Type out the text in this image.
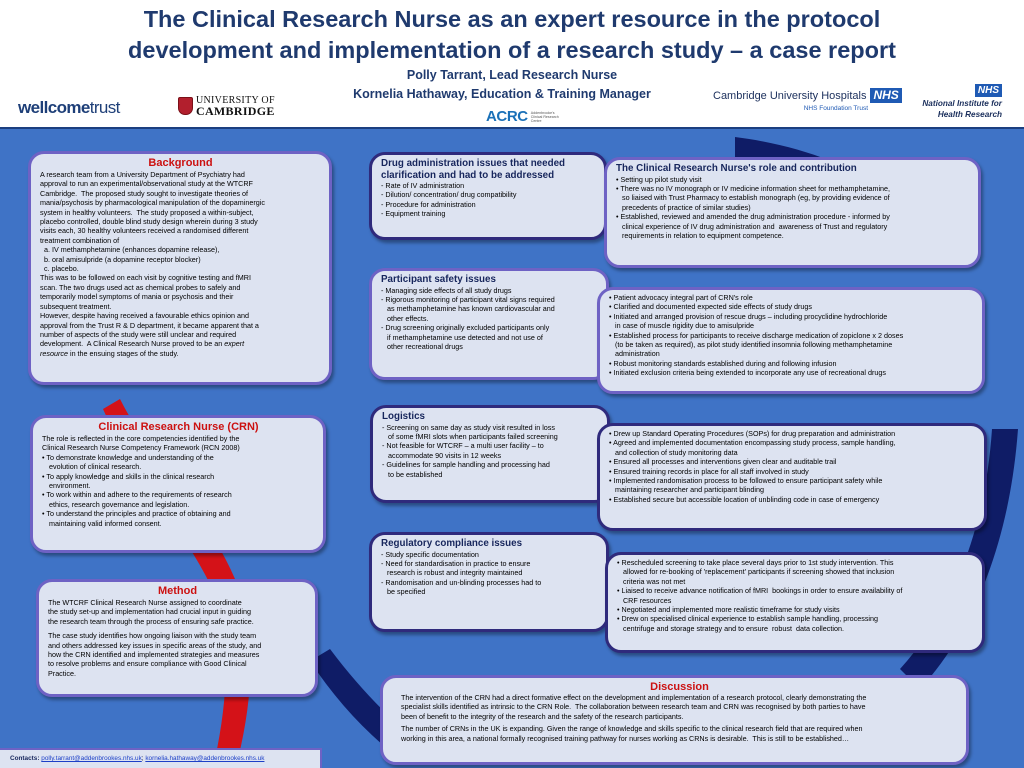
The Clinical Research Nurse as an expert resource in the protocol
development and implementation of a research study – a case report
Polly Tarrant, Lead Research Nurse
Kornelia Hathaway, Education & Training Manager
wellcometrust	UNIVERSITY OF
CAMBRIDGE	ACRC Addenbrooke's Clinical Research Centre
Cambridge University Hospitals NHS
NHS Foundation Trust
NHS
National Institute for
Health Research
Background
A research team from a University Department of Psychiatry had
approval to run an experimental/observational study at the WTCRF
Cambridge.  The proposed study sought to investigate theories of
mania/psychosis by pharmacological manipulation of the dopaminergic
system in healthy volunteers.  The study proposed a within-subject,
placebo controlled, double blind study design wherein during 3 study
visits each, 30 healthy volunteers received a randomised different
treatment combination of
a. IV methamphetamine (enhances dopamine release),
b. oral amisulpride (a dopamine receptor blocker)
c. placebo.
This was to be followed on each visit by cognitive testing and fMRI
scan. The two drugs used act as chemical probes to safely and
temporarily model symptoms of mania or psychosis and their
subsequent treatment.
However, despite having received a favourable ethics opinion and
approval from the Trust R & D department, it became apparent that a
number of aspects of the study were still unclear and required
development.  A Clinical Research Nurse proved to be an expert
resource in the ensuing stages of the study.
Clinical Research Nurse (CRN)
The role is reflected in the core competencies identified by the
Clinical Research Nurse Competency Framework (RCN 2008)
• To demonstrate knowledge and understanding of the
evolution of clinical research.
• To apply knowledge and skills in the clinical research
environment.
• To work within and adhere to the requirements of research
ethics, research governance and legislation.
• To understand the principles and practice of obtaining and
maintaining valid informed consent.
Method
The WTCRF Clinical Research Nurse assigned to coordinate
the study set-up and implementation had crucial input in guiding
the research team through the process of ensuring safe practice.
The case study identifies how ongoing liaison with the study team
and others addressed key issues in specific areas of the study, and
how the CRN identified and implemented strategies and measures
to resolve problems and ensure compliance with Good Clinical
Practice.
Drug administration issues that needed
clarification and had to be addressed
- Rate of IV administration
- Dilution/ concentration/ drug compatibility
- Procedure for administration
- Equipment training
The Clinical Research Nurse's role and contribution
• Setting up pilot study visit
• There was no IV monograph or IV medicine information sheet for methamphetamine,
so liaised with Trust Pharmacy to establish monograph (eg, by providing evidence of
precedents of practice of similar studies)
• Established, reviewed and amended the drug administration procedure - informed by
clinical experience of IV drug administration and  awareness of Trust and regulatory
requirements in relation to equipment competence.
Participant safety issues
- Managing side effects of all study drugs
- Rigorous monitoring of participant vital signs required
as methamphetamine has known cardiovascular and
other effects.
- Drug screening originally excluded participants only
if methamphetamine use detected and not use of
other recreational drugs
• Patient advocacy integral part of CRN's role
• Clarified and documented expected side effects of study drugs
• Initiated and arranged provision of rescue drugs – including procyclidine hydrochloride
in case of muscle rigidity due to amisulpride
• Established process for participants to receive discharge medication of zopiclone x 2 doses
(to be taken as required), as pilot study identified insomnia following methamphetamine
administration
• Robust monitoring standards established during and following infusion
• Initiated exclusion criteria being extended to incorporate any use of recreational drugs
Logistics
- Screening on same day as study visit resulted in loss
of some fMRI slots when participants failed screening
- Not feasible for WTCRF – a multi user facility – to
accommodate 90 visits in 12 weeks
- Guidelines for sample handling and processing had
to be established
• Drew up Standard Operating Procedures (SOPs) for drug preparation and administration
• Agreed and implemented documentation encompassing study process, sample handling,
and collection of study monitoring data
• Ensured all processes and interventions given clear and auditable trail
• Ensured training records in place for all staff involved in study
• Implemented randomisation process to be followed to ensure participant safety while
maintaining researcher and participant blinding
• Established secure but accessible location of unblinding code in case of emergency
Regulatory compliance issues
- Study specific documentation
- Need for standardisation in practice to ensure
research is robust and integrity maintained
- Randomisation and un-blinding processes had to
be specified
• Rescheduled screening to take place several days prior to 1st study intervention. This
allowed for re-booking of 'replacement' participants if screening showed that inclusion
criteria was not met
• Liaised to receive advance notification of fMRI  bookings in order to ensure availability of
CRF resources
• Negotiated and implemented more realistic timeframe for study visits
• Drew on specialised clinical experience to establish sample handling, processing
centrifuge and storage strategy and to ensure  robust  data collection.
Discussion
The intervention of the CRN had a direct formative effect on the development and implementation of a research protocol, clearly demonstrating the
specialist skills identified as intrinsic to the CRN Role.  The collaboration between research team and CRN was recognised by both parties to have
been of benefit to the integrity of the research and the safety of the research participants.
The number of CRNs in the UK is expanding. Given the range of knowledge and skills specific to the clinical research field that are required when
working in this area, a national formally recognised training pathway for nurses working as CRNs is desirable.  This is still to be established…
Contacts: polly.tarrant@addenbrookes.nhs.uk; kornelia.hathaway@addenbrookes.nhs.uk
